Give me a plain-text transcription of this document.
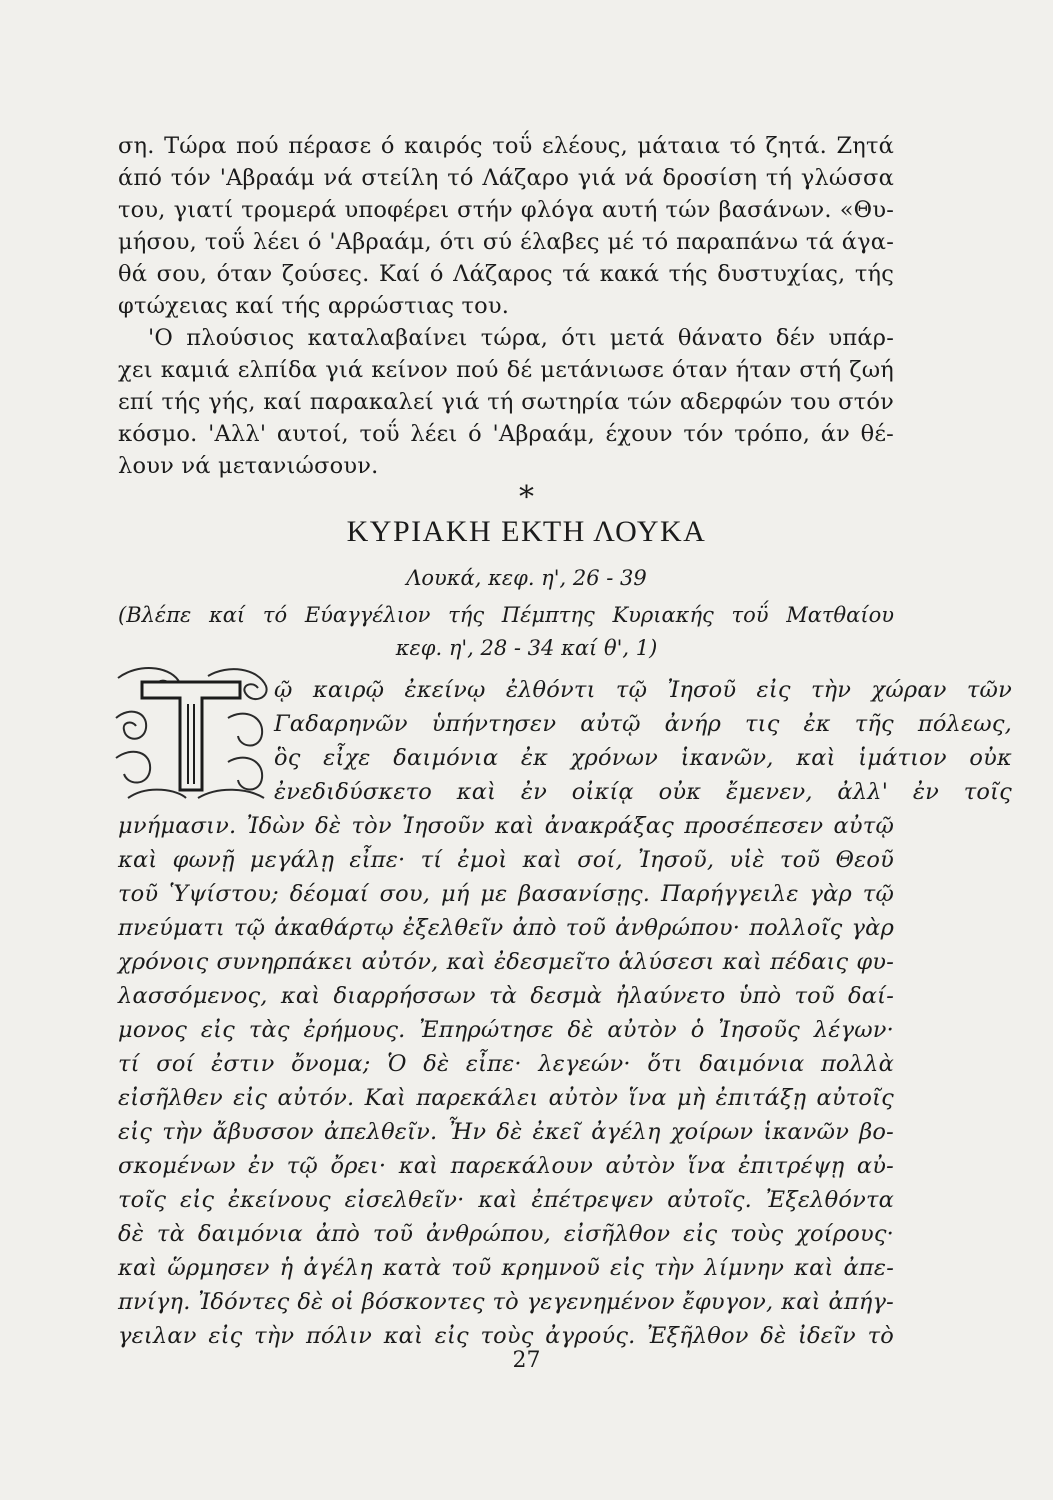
ση. Τώρα πού πέρασε ό καιρός τοΰ ελέους, μάταια τό ζητά. Ζητά
άπό τόν 'Αβραάμ νά στείλη τό Λάζαρο γιά νά δροσίση τή γλώσσα
του, γιατί τρομερά υποφέρει στήν φλόγα αυτή τών βασάνων. «Θυ-
μήσου, τοΰ λέει ό 'Αβραάμ, ότι σύ έλαβες μέ τό παραπάνω τά άγα-
θά σου, όταν ζούσες. Καί ό Λάζαρος τά κακά τής δυστυχίας, τής
φτώχειας καί τής αρρώστιας του.
'Ο πλούσιος καταλαβαίνει τώρα, ότι μετά θάνατο δέν υπάρ-
χει καμιά ελπίδα γιά κείνον πού δέ μετάνιωσε όταν ήταν στή ζωή
επί τής γής, καί παρακαλεί γιά τή σωτηρία τών αδερφών του στόν
κόσμο. 'Αλλ' αυτοί, τοΰ λέει ό 'Αβραάμ, έχουν τόν τρόπο, άν θέ-
λουν νά μετανιώσουν.
*
ΚΥΡΙΑΚΗ ΕΚΤΗ ΛΟΥΚΑ
Λουκά, κεφ. η', 26 - 39
(Βλέπε καί τό Εύαγγέλιον τής Πέμπτης Κυριακής τοΰ Ματθαίου
κεφ. η', 28 - 34 καί θ', 1)
T	ῷ καιρῷ ἐκείνῳ ἐλθόντι τῷ Ἰησοῦ εἰς τὴν χώραν τῶν
Γαδαρηνῶν ὑπήντησεν αὐτῷ ἀνήρ τις ἐκ τῆς πόλεως,
ὃς εἶχε δαιμόνια ἐκ χρόνων ἱκανῶν, καὶ ἱμάτιον οὐκ
ἐνεδιδύσκετο καὶ ἐν οἰκίᾳ οὐκ ἔμενεν, ἀλλ' ἐν τοῖς
μνήμασιν. Ἰδὼν δὲ τὸν Ἰησοῦν καὶ ἀνακράξας προσέπεσεν αὐτῷ
καὶ φωνῇ μεγάλῃ εἶπε· τί ἐμοὶ καὶ σοί, Ἰησοῦ, υἱὲ τοῦ Θεοῦ
τοῦ Ὑψίστου; δέομαί σου, μή με βασανίσῃς. Παρήγγειλε γὰρ τῷ
πνεύματι τῷ ἀκαθάρτῳ ἐξελθεῖν ἀπὸ τοῦ ἀνθρώπου· πολλοῖς γὰρ
χρόνοις συνηρπάκει αὐτόν, καὶ ἐδεσμεῖτο ἁλύσεσι καὶ πέδαις φυ-
λασσόμενος, καὶ διαρρήσσων τὰ δεσμὰ ἠλαύνετο ὑπὸ τοῦ δαί-
μονος εἰς τὰς ἐρήμους. Ἐπηρώτησε δὲ αὐτὸν ὁ Ἰησοῦς λέγων·
τί σοί ἐστιν ὄνομα; Ὁ δὲ εἶπε· λεγεών· ὅτι δαιμόνια πολλὰ
εἰσῆλθεν εἰς αὐτόν. Καὶ παρεκάλει αὐτὸν ἵνα μὴ ἐπιτάξῃ αὐτοῖς
εἰς τὴν ἄβυσσον ἀπελθεῖν. Ἦν δὲ ἐκεῖ ἀγέλη χοίρων ἱκανῶν βο-
σκομένων ἐν τῷ ὄρει· καὶ παρεκάλουν αὐτὸν ἵνα ἐπιτρέψῃ αὐ-
τοῖς εἰς ἐκείνους εἰσελθεῖν· καὶ ἐπέτρεψεν αὐτοῖς. Ἐξελθόντα
δὲ τὰ δαιμόνια ἀπὸ τοῦ ἀνθρώπου, εἰσῆλθον εἰς τοὺς χοίρους·
καὶ ὥρμησεν ἡ ἀγέλη κατὰ τοῦ κρημνοῦ εἰς τὴν λίμνην καὶ ἀπε-
πνίγη. Ἰδόντες δὲ οἱ βόσκοντες τὸ γεγενημένον ἔφυγον, καὶ ἀπήγ-
γειλαν εἰς τὴν πόλιν καὶ εἰς τοὺς ἀγρούς. Ἐξῆλθον δὲ ἰδεῖν τὸ
27
